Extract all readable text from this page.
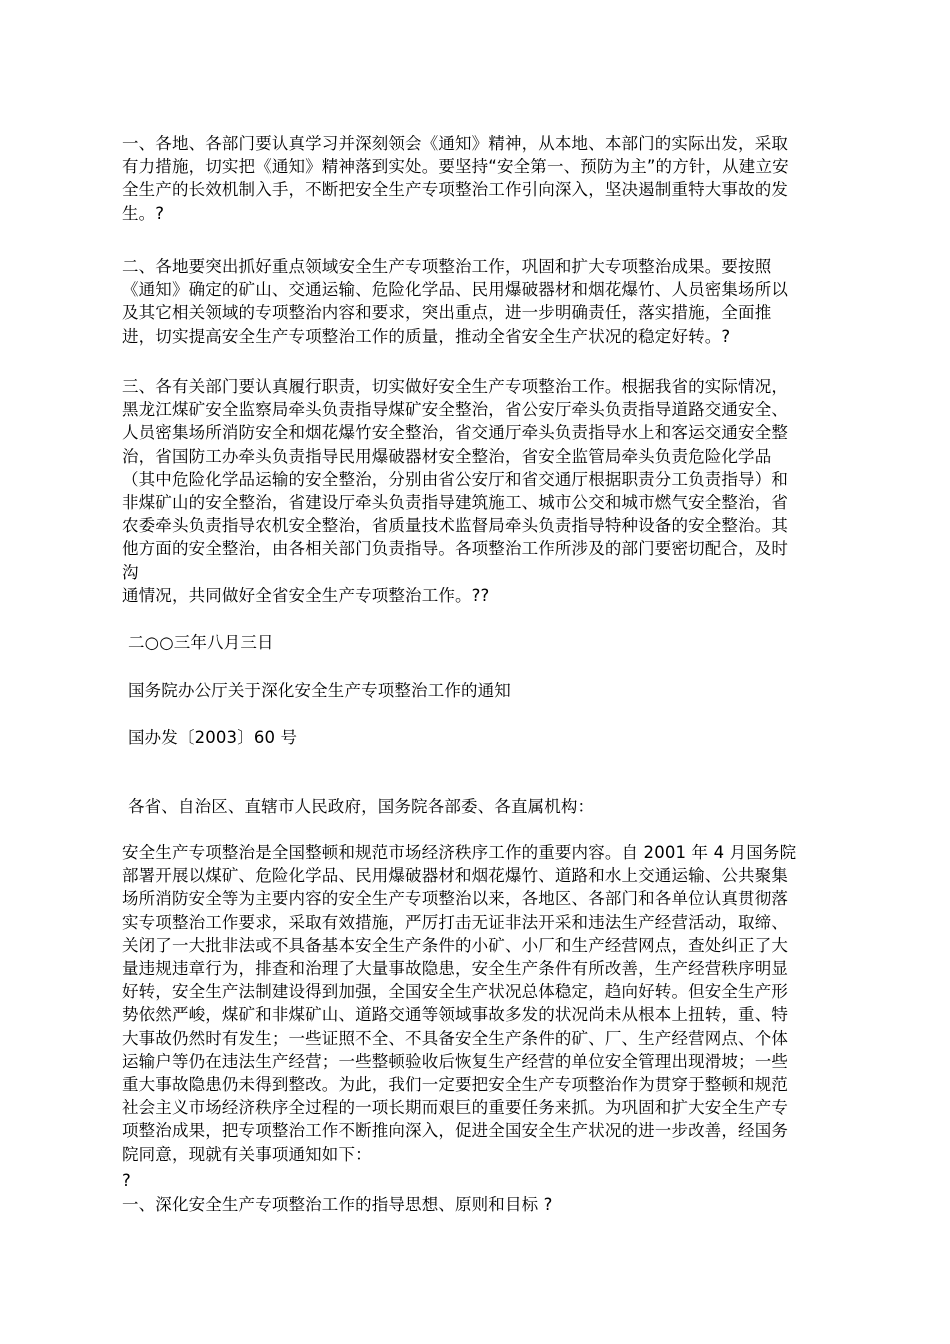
一、各地、各部门要认真学习并深刻领会《通知》精神，从本地、本部门的实际出发，采取
有力措施，切实把《通知》精神落到实处。要坚持“安全第一、预防为主”的方针，从建立安
全生产的长效机制入手，不断把安全生产专项整治工作引向深入，坚决遏制重特大事故的发
生。?
二、各地要突出抓好重点领域安全生产专项整治工作，巩固和扩大专项整治成果。要按照
《通知》确定的矿山、交通运输、危险化学品、民用爆破器材和烟花爆竹、人员密集场所以
及其它相关领域的专项整治内容和要求，突出重点，进一步明确责任，落实措施，全面推
进，切实提高安全生产专项整治工作的质量，推动全省安全生产状况的稳定好转。?
三、各有关部门要认真履行职责，切实做好安全生产专项整治工作。根据我省的实际情况，
黑龙江煤矿安全监察局牵头负责指导煤矿安全整治，省公安厅牵头负责指导道路交通安全、
人员密集场所消防安全和烟花爆竹安全整治，省交通厅牵头负责指导水上和客运交通安全整
治，省国防工办牵头负责指导民用爆破器材安全整治，省安全监管局牵头负责危险化学品
（其中危险化学品运输的安全整治，分别由省公安厅和省交通厅根据职责分工负责指导）和
非煤矿山的安全整治，省建设厅牵头负责指导建筑施工、城市公交和城市燃气安全整治，省
农委牵头负责指导农机安全整治，省质量技术监督局牵头负责指导特种设备的安全整治。其
他方面的安全整治，由各相关部门负责指导。各项整治工作所涉及的部门要密切配合，及时
沟
通情况，共同做好全省安全生产专项整治工作。??
二○○三年八月三日
国务院办公厅关于深化安全生产专项整治工作的通知
国办发〔2003〕60 号
各省、自治区、直辖市人民政府，国务院各部委、各直属机构：
安全生产专项整治是全国整顿和规范市场经济秩序工作的重要内容。自 2001 年 4 月国务院
部署开展以煤矿、危险化学品、民用爆破器材和烟花爆竹、道路和水上交通运输、公共聚集
场所消防安全等为主要内容的安全生产专项整治以来，各地区、各部门和各单位认真贯彻落
实专项整治工作要求，采取有效措施，严厉打击无证非法开采和违法生产经营活动，取缔、
关闭了一大批非法或不具备基本安全生产条件的小矿、小厂和生产经营网点，查处纠正了大
量违规违章行为，排查和治理了大量事故隐患，安全生产条件有所改善，生产经营秩序明显
好转，安全生产法制建设得到加强，全国安全生产状况总体稳定，趋向好转。但安全生产形
势依然严峻，煤矿和非煤矿山、道路交通等领域事故多发的状况尚未从根本上扭转，重、特
大事故仍然时有发生；一些证照不全、不具备安全生产条件的矿、厂、生产经营网点、个体
运输户等仍在违法生产经营；一些整顿验收后恢复生产经营的单位安全管理出现滑坡；一些
重大事故隐患仍未得到整改。为此，我们一定要把安全生产专项整治作为贯穿于整顿和规范
社会主义市场经济秩序全过程的一项长期而艰巨的重要任务来抓。为巩固和扩大安全生产专
项整治成果，把专项整治工作不断推向深入，促进全国安全生产状况的进一步改善，经国务
院同意，现就有关事项通知如下：
?
一、深化安全生产专项整治工作的指导思想、原则和目标 ?
